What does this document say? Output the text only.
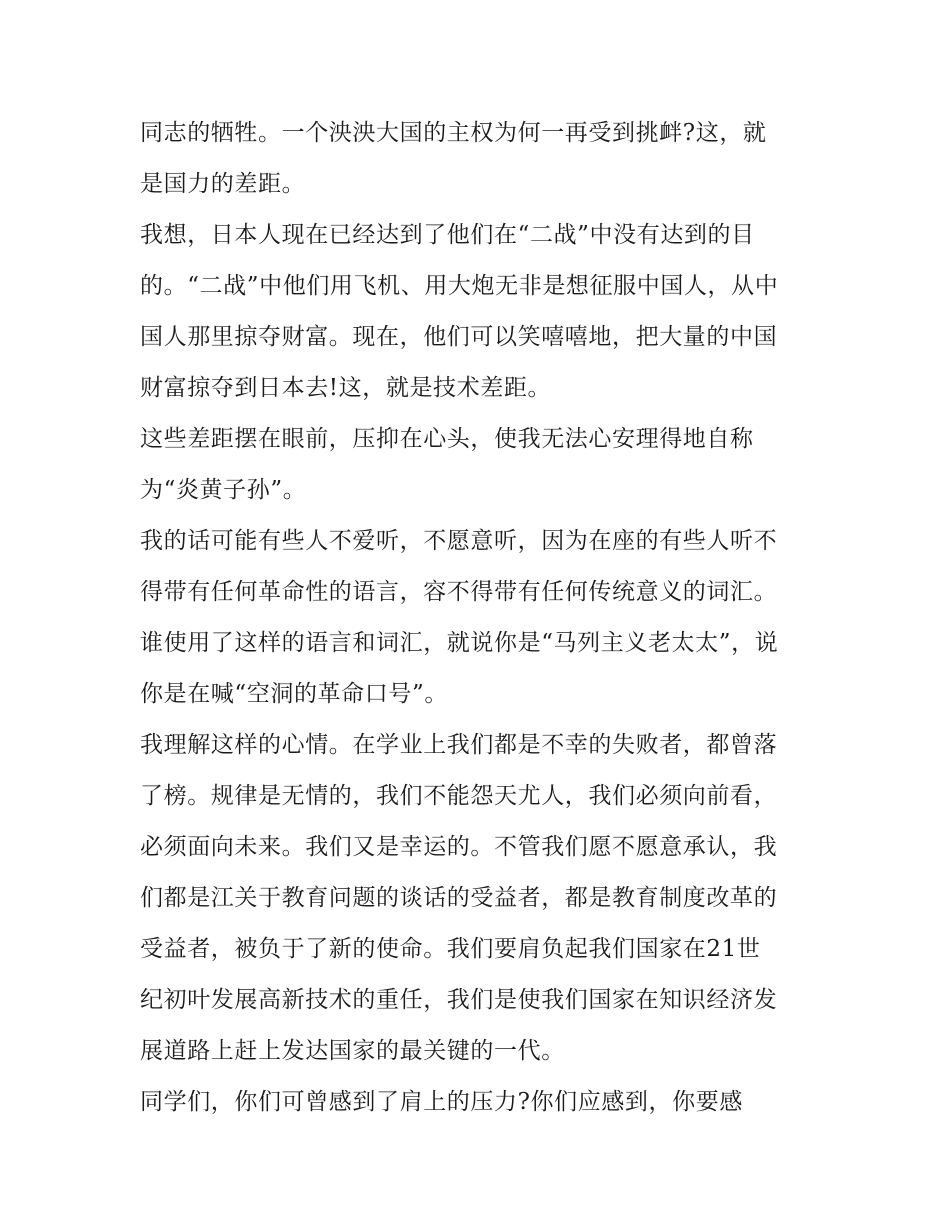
同志的牺牲。一个泱泱大国的主权为何一再受到挑衅?这，就
是国力的差距。
我想，日本人现在已经达到了他们在“二战”中没有达到的目
的。“二战”中他们用飞机、用大炮无非是想征服中国人，从中
国人那里掠夺财富。现在，他们可以笑嘻嘻地，把大量的中国
财富掠夺到日本去!这，就是技术差距。
这些差距摆在眼前，压抑在心头，使我无法心安理得地自称
为“炎黄子孙”。
我的话可能有些人不爱听，不愿意听，因为在座的有些人听不
得带有任何革命性的语言，容不得带有任何传统意义的词汇。
谁使用了这样的语言和词汇，就说你是“马列主义老太太”，说
你是在喊“空洞的革命口号”。
我理解这样的心情。在学业上我们都是不幸的失败者，都曾落
了榜。规律是无情的，我们不能怨天尤人，我们必须向前看，
必须面向未来。我们又是幸运的。不管我们愿不愿意承认，我
们都是江关于教育问题的谈话的受益者，都是教育制度改革的
受益者，被负于了新的使命。我们要肩负起我们国家在21世
纪初叶发展高新技术的重任，我们是使我们国家在知识经济发
展道路上赶上发达国家的最关键的一代。
同学们，你们可曾感到了肩上的压力?你们应感到，你要感
